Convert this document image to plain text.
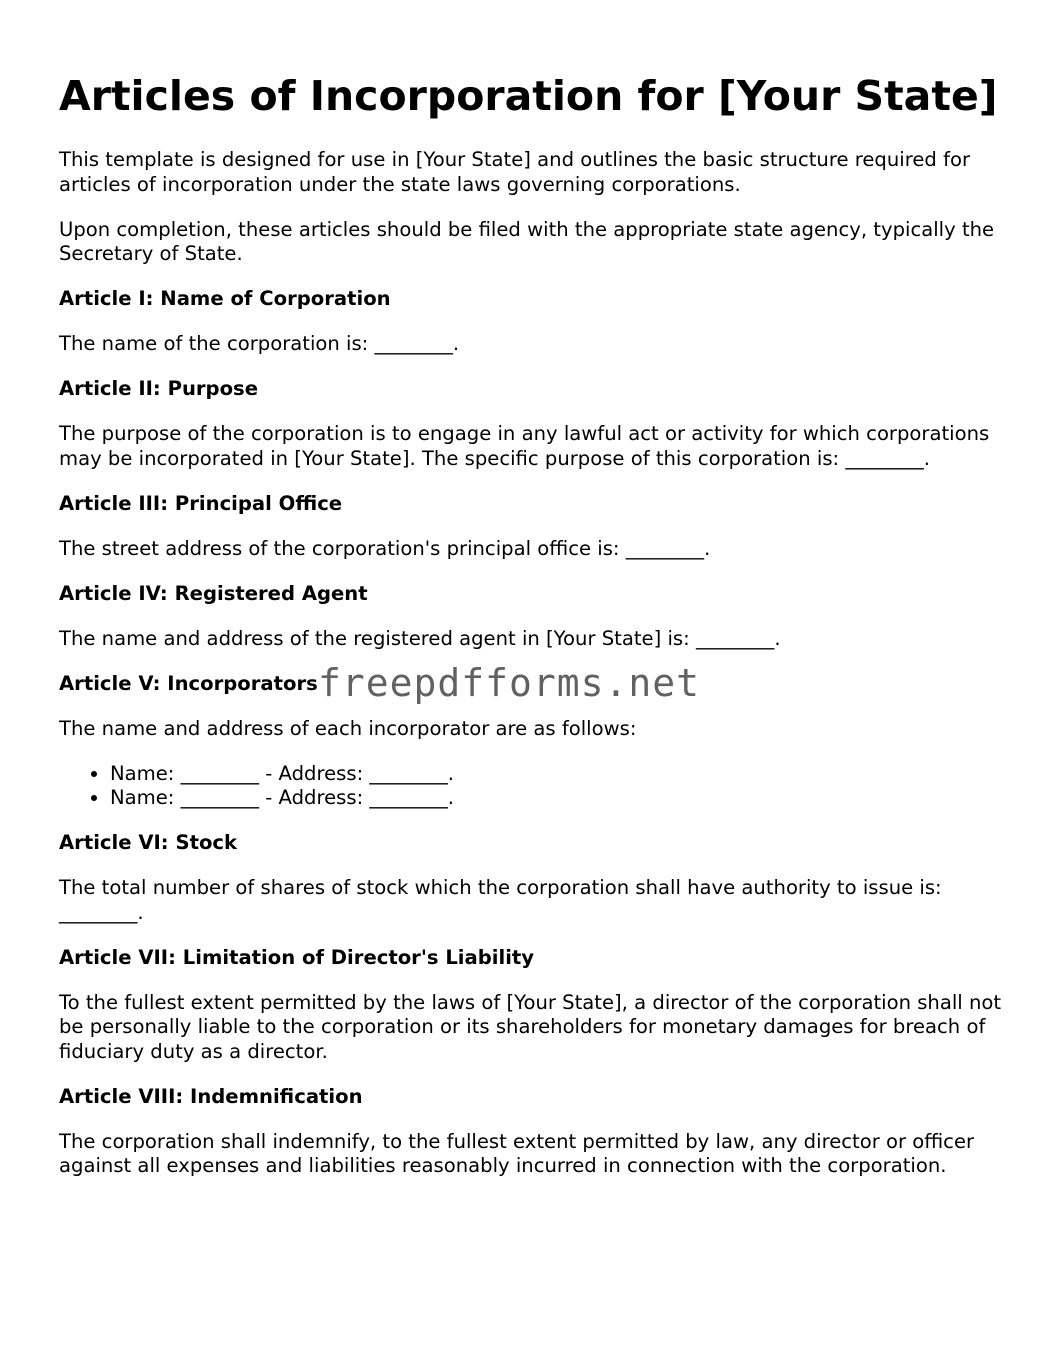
Articles of Incorporation for [Your State]

This template is designed for use in [Your State] and outlines the basic structure required for articles of incorporation under the state laws governing corporations.

Upon completion, these articles should be filed with the appropriate state agency, typically the Secretary of State.

Article I: Name of Corporation

The name of the corporation is: ________.

Article II: Purpose

The purpose of the corporation is to engage in any lawful act or activity for which corporations may be incorporated in [Your State]. The specific purpose of this corporation is: ________.

Article III: Principal Office

The street address of the corporation's principal office is: ________.

Article IV: Registered Agent

The name and address of the registered agent in [Your State] is: ________.

Article V: Incorporators

The name and address of each incorporator are as follows:

• Name: ________ - Address: ________.
• Name: ________ - Address: ________.
Article VI: Stock

The total number of shares of stock which the corporation shall have authority to issue is: ________.

Article VII: Limitation of Director's Liability

To the fullest extent permitted by the laws of [Your State], a director of the corporation shall not be personally liable to the corporation or its shareholders for monetary damages for breach of fiduciary duty as a director.

Article VIII: Indemnification

The corporation shall indemnify, to the fullest extent permitted by law, any director or officer against all expenses and liabilities reasonably incurred in connection with the corporation.

freepdfforms.net
